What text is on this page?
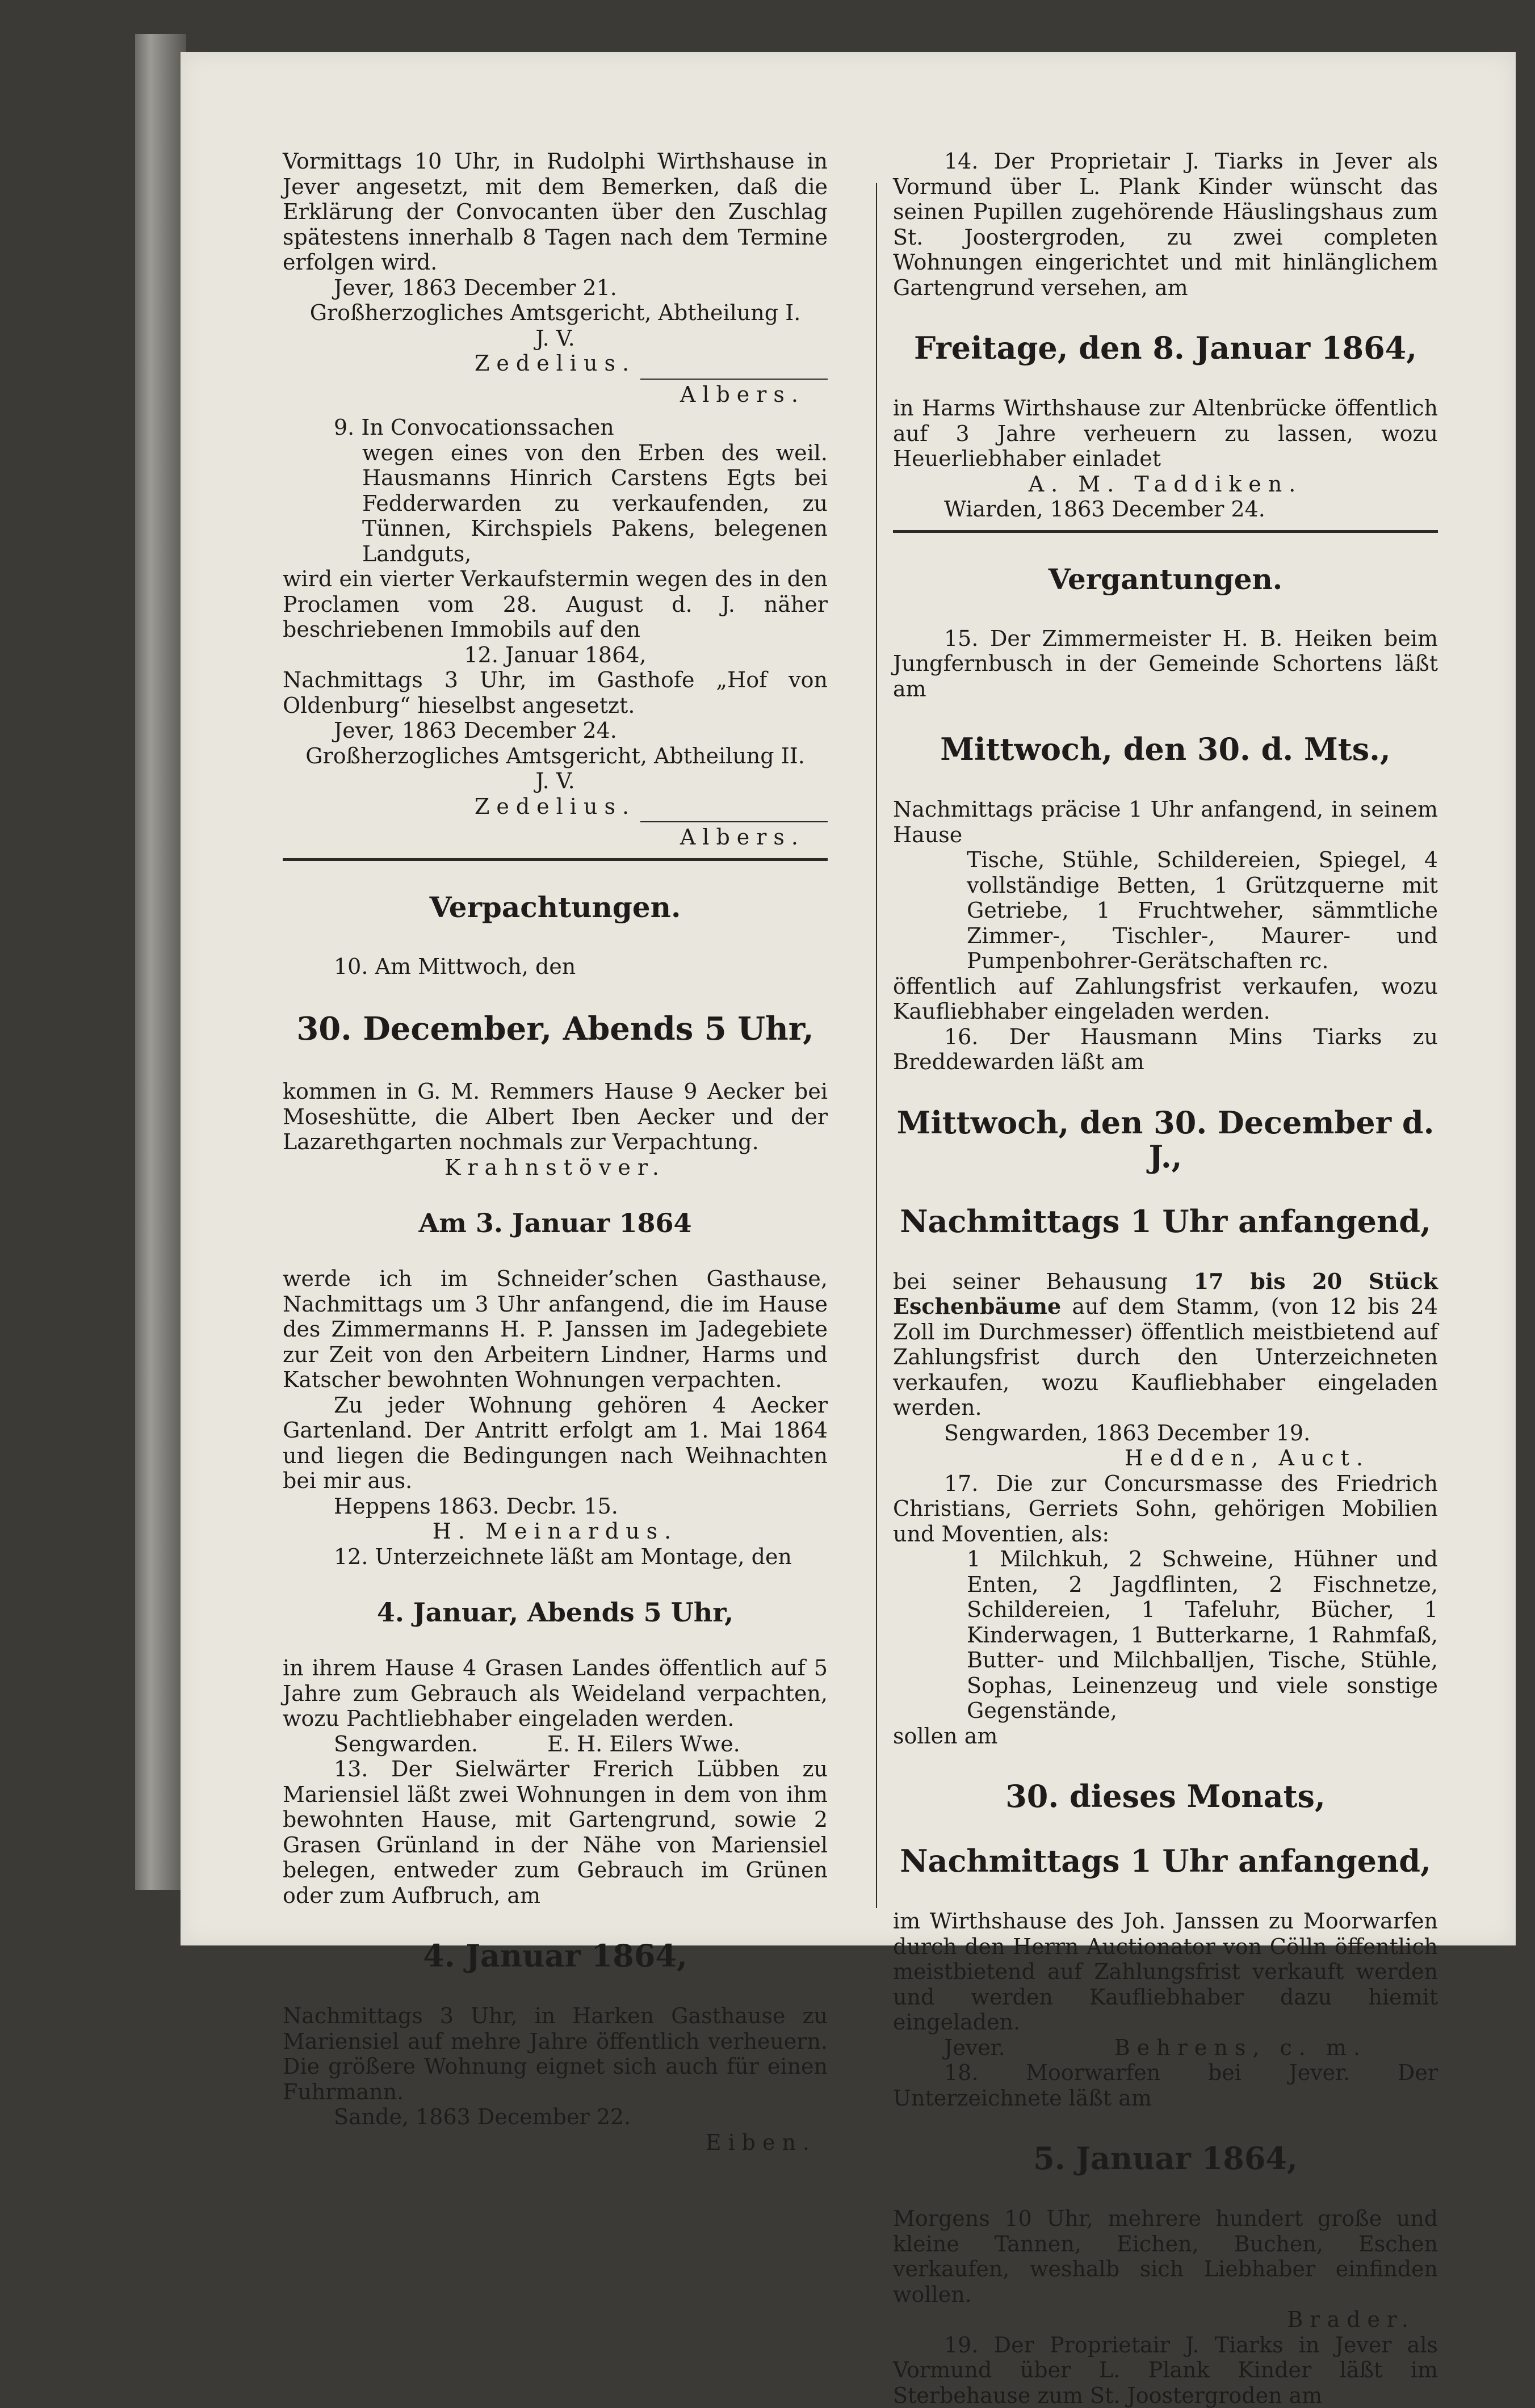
Vormittags 10 Uhr, in Rudolphi Wirthshause in Jever angesetzt, mit dem Bemerken, daß die Erklärung der Convocanten über den Zuschlag spätestens innerhalb 8 Tagen nach dem Termine erfolgen wird.

Jever, 1863 December 21.

Großherzogliches Amtsgericht, Abtheilung I.

J. V.

Zedelius.

Albers.

9. In Convocationssachen

wegen eines von den Erben des weil. Hausmanns Hinrich Carstens Egts bei Fedderwarden zu verkaufenden, zu Tünnen, Kirchspiels Pakens, belegenen Landguts,

wird ein vierter Verkaufstermin wegen des in den Proclamen vom 28. August d. J. näher beschriebenen Immobils auf den

12. Januar 1864,

Nachmittags 3 Uhr, im Gasthofe „Hof von Oldenburg“ hieselbst angesetzt.

Jever, 1863 December 24.

Großherzogliches Amtsgericht, Abtheilung II.

J. V.

Zedelius.

Albers.

Verpachtungen.

10. Am Mittwoch, den

30. December, Abends 5 Uhr,

kommen in G. M. Remmers Hause 9 Aecker bei Moseshütte, die Albert Iben Aecker und der Lazarethgarten nochmals zur Verpachtung.

Krahnstöver.

Am 3. Januar 1864

werde ich im Schneider’schen Gasthause, Nachmittags um 3 Uhr anfangend, die im Hause des Zimmermanns H. P. Janssen im Jadegebiete zur Zeit von den Arbeitern Lindner, Harms und Katscher bewohnten Wohnungen verpachten.

Zu jeder Wohnung gehören 4 Aecker Gartenland. Der Antritt erfolgt am 1. Mai 1864 und liegen die Bedingungen nach Weihnachten bei mir aus.

Heppens 1863. Decbr. 15.

H. Meinardus.

12. Unterzeichnete läßt am Montage, den

4. Januar, Abends 5 Uhr,

in ihrem Hause 4 Grasen Landes öffentlich auf 5 Jahre zum Gebrauch als Weideland verpachten, wozu Pachtliebhaber eingeladen werden.

Sengwarden.	E. H. Eilers Wwe.

13. Der Sielwärter Frerich Lübben zu Mariensiel läßt zwei Wohnungen in dem von ihm bewohnten Hause, mit Gartengrund, sowie 2 Grasen Grünland in der Nähe von Mariensiel belegen, entweder zum Gebrauch im Grünen oder zum Aufbruch, am

4. Januar 1864,

Nachmittags 3 Uhr, in Harken Gasthause zu Mariensiel auf mehre Jahre öffentlich verheuern. Die größere Wohnung eignet sich auch für einen Fuhrmann.

Sande, 1863 December 22.

Eiben.

14. Der Proprietair J. Tiarks in Jever als Vormund über L. Plank Kinder wünscht das seinen Pupillen zugehörende Häuslingshaus zum St. Joostergroden, zu zwei completen Wohnungen eingerichtet und mit hinlänglichem Gartengrund versehen, am

Freitage, den 8. Januar 1864,

in Harms Wirthshause zur Altenbrücke öffentlich auf 3 Jahre verheuern zu lassen, wozu Heuerliebhaber einladet

A. M. Taddiken.

Wiarden, 1863 December 24.

Vergantungen.

15. Der Zimmermeister H. B. Heiken beim Jungfernbusch in der Gemeinde Schortens läßt am

Mittwoch, den 30. d. Mts.,

Nachmittags präcise 1 Uhr anfangend, in seinem Hause

Tische, Stühle, Schildereien, Spiegel, 4 vollständige Betten, 1 Grützquerne mit Getriebe, 1 Fruchtweher, sämmtliche Zimmer-, Tischler-, Maurer- und Pumpenbohrer-Gerätschaften rc.

öffentlich auf Zahlungsfrist verkaufen, wozu Kaufliebhaber eingeladen werden.

16. Der Hausmann Mins Tiarks zu Breddewarden läßt am

Mittwoch, den 30. December d. J.,

Nachmittags 1 Uhr anfangend,

bei seiner Behausung 17 bis 20 Stück Eschenbäume auf dem Stamm, (von 12 bis 24 Zoll im Durchmesser) öffentlich meistbietend auf Zahlungsfrist durch den Unterzeichneten verkaufen, wozu Kaufliebhaber eingeladen werden.

Sengwarden, 1863 December 19.

Hedden, Auct.

17. Die zur Concursmasse des Friedrich Christians, Gerriets Sohn, gehörigen Mobilien und Moventien, als:

1 Milchkuh, 2 Schweine, Hühner und Enten, 2 Jagdflinten, 2 Fischnetze, Schildereien, 1 Tafeluhr, Bücher, 1 Kinderwagen, 1 Butterkarne, 1 Rahmfaß, Butter- und Milchballjen, Tische, Stühle, Sophas, Leinenzeug und viele sonstige Gegenstände,

sollen am

30. dieses Monats,

Nachmittags 1 Uhr anfangend,

im Wirthshause des Joh. Janssen zu Moorwarfen durch den Herrn Auctionator von Cölln öffentlich meistbietend auf Zahlungsfrist verkauft werden und werden Kaufliebhaber dazu hiemit eingeladen.

Jever.	Behrens, c. m.

18. Moorwarfen bei Jever. Der Unterzeichnete läßt am

5. Januar 1864,

Morgens 10 Uhr, mehrere hundert große und kleine Tannen, Eichen, Buchen, Eschen verkaufen, weshalb sich Liebhaber einfinden wollen.

Brader.

19. Der Proprietair J. Tiarks in Jever als Vormund über L. Plank Kinder läßt im Sterbehause zum St. Joostergroden am
